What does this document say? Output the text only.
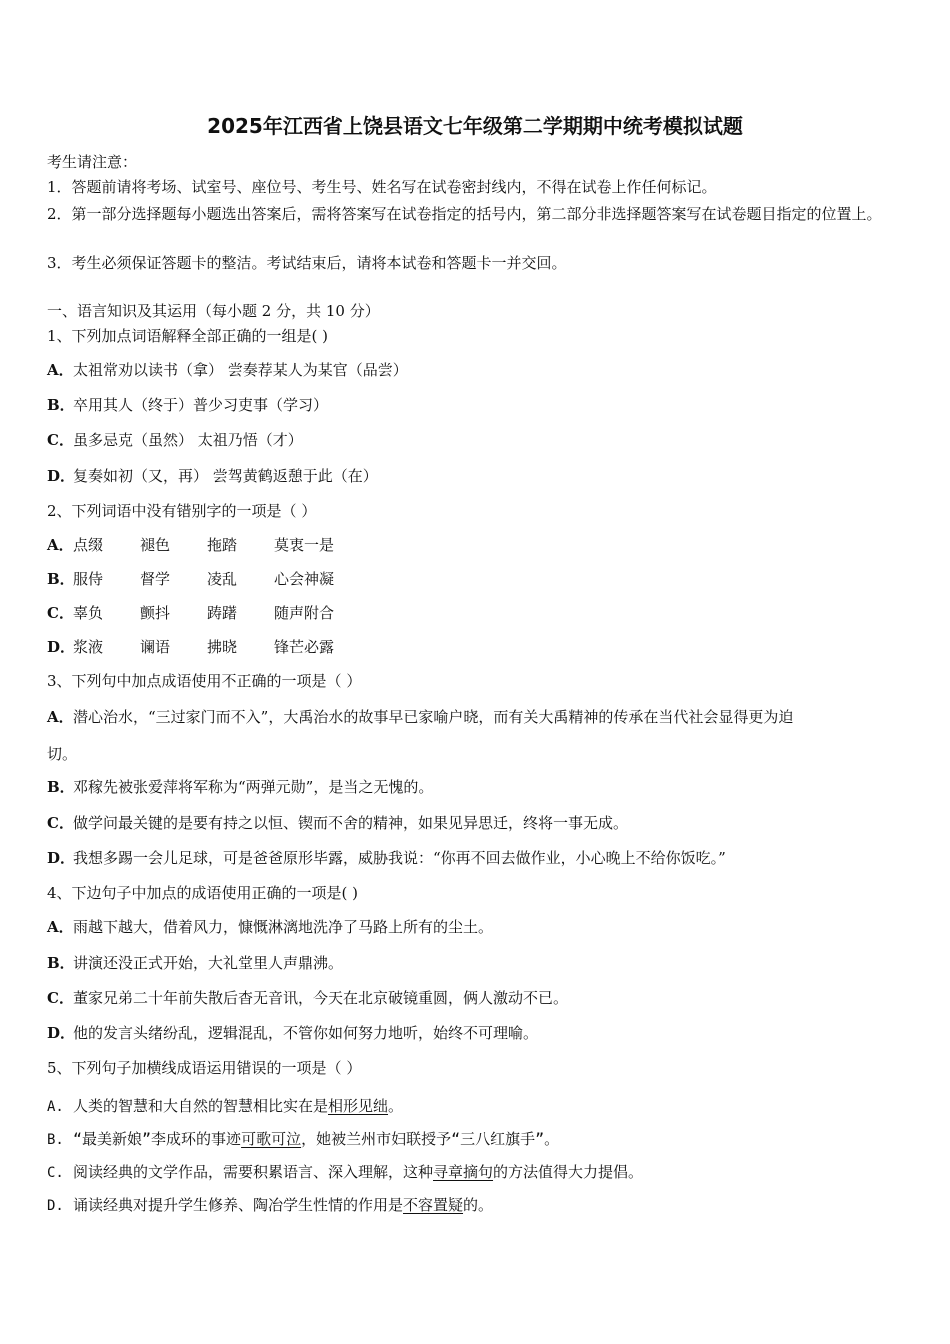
2025年江西省上饶县语文七年级第二学期期中统考模拟试题
考生请注意：
1．答题前请将考场、试室号、座位号、考生号、姓名写在试卷密封线内，不得在试卷上作任何标记。
2．第一部分选择题每小题选出答案后，需将答案写在试卷指定的括号内，第二部分非选择题答案写在试卷题目指定的位置上。
3．考生必须保证答题卡的整洁。考试结束后，请将本试卷和答题卡一并交回。
一、语言知识及其运用（每小题 2 分，共 10 分）
1、下列加点词语解释全部正确的一组是( )
A．太祖常劝以读书（拿） 尝奏荐某人为某官（品尝）
B．卒用其人（终于）普少习吏事（学习）
C．虽多忌克（虽然） 太祖乃悟（才）
D．复奏如初（又，再） 尝驾黄鹤返憩于此（在）
2、下列词语中没有错别字的一项是（ ）
A．点缀 褪色 拖踏 莫衷一是
B．服侍 督学 凌乱 心会神凝
C．辜负 颤抖 踌躇 随声附合
D．浆液 谰语 拂晓 锋芒必露
3、下列句中加点成语使用不正确的一项是（ ）
A．潜心治水，“三过家门而不入”，大禹治水的故事早已家喻户晓，而有关大禹精神的传承在当代社会显得更为迫
切。
B．邓稼先被张爱萍将军称为“两弹元勋”，是当之无愧的。
C．做学问最关键的是要有持之以恒、锲而不舍的精神，如果见异思迁，终将一事无成。
D．我想多踢一会儿足球，可是爸爸原形毕露，威胁我说：“你再不回去做作业，小心晚上不给你饭吃。”
4、下边句子中加点的成语使用正确的一项是( )
A．雨越下越大，借着风力，慷慨淋漓地洗净了马路上所有的尘土。
B．讲演还没正式开始，大礼堂里人声鼎沸。
C．董家兄弟二十年前失散后杳无音讯，今天在北京破镜重圆，俩人激动不已。
D．他的发言头绪纷乱，逻辑混乱，不管你如何努力地听，始终不可理喻。
5、下列句子加横线成语运用错误的一项是（ ）
A. 人类的智慧和大自然的智慧相比实在是相形见绌。
B. “最美新娘”李成环的事迹可歌可泣，她被兰州市妇联授予“三八红旗手”。
C. 阅读经典的文学作品，需要积累语言、深入理解，这种寻章摘句的方法值得大力提倡。
D. 诵读经典对提升学生修养、陶冶学生性情的作用是不容置疑的。
